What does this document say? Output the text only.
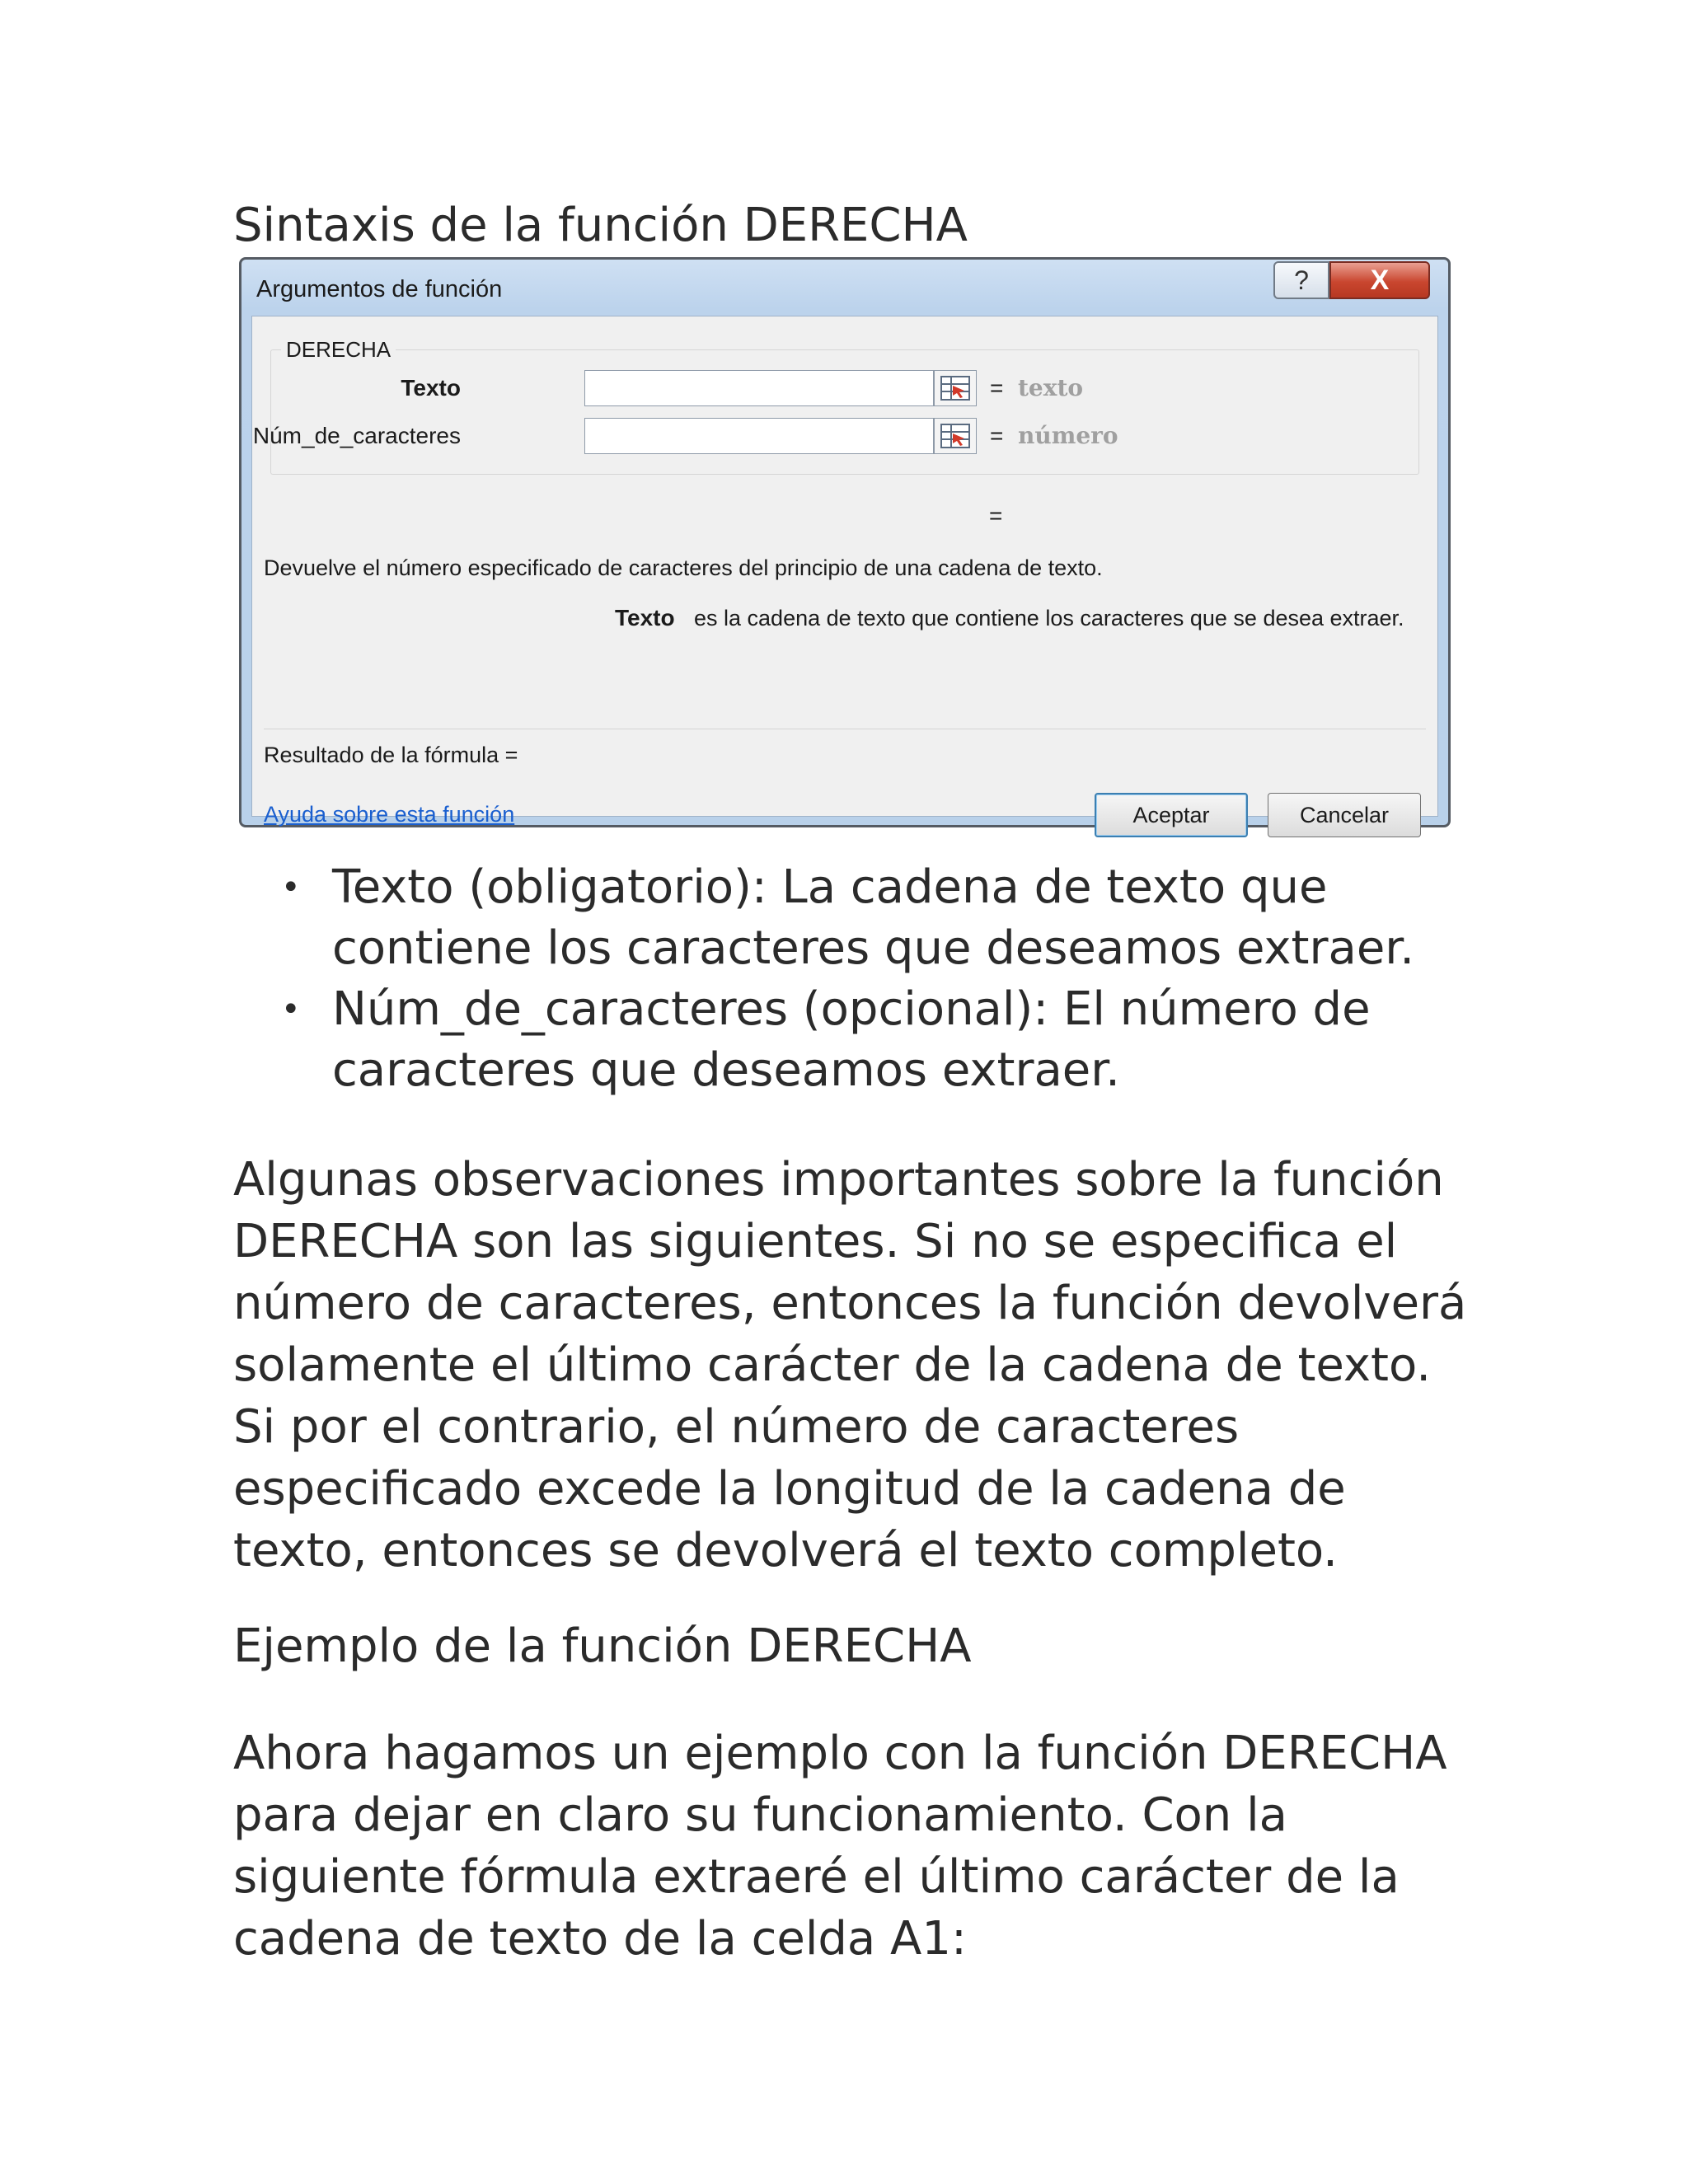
Sintaxis de la función DERECHA
Argumentos de función	?	X
DERECHA
Texto	= texto
Núm_de_caracteres	= número
=
Devuelve el número especificado de caracteres del principio de una cadena de texto.
Texto es la cadena de texto que contiene los caracteres que se desea extraer.
Resultado de la fórmula =
Ayuda sobre esta función	Aceptar	Cancelar
• Texto (obligatorio): La cadena de texto que contiene los caracteres que deseamos extraer.
• Núm_de_caracteres (opcional): El número de caracteres que deseamos extraer.

Algunas observaciones importantes sobre la función DERECHA son las siguientes. Si no se especifica el número de caracteres, entonces la función devolverá solamente el último carácter de la cadena de texto. Si por el contrario, el número de caracteres especificado excede la longitud de la cadena de texto, entonces se devolverá el texto completo.

Ejemplo de la función DERECHA

Ahora hagamos un ejemplo con la función DERECHA para dejar en claro su funcionamiento. Con la siguiente fórmula extraeré el último carácter de la cadena de texto de la celda A1:
